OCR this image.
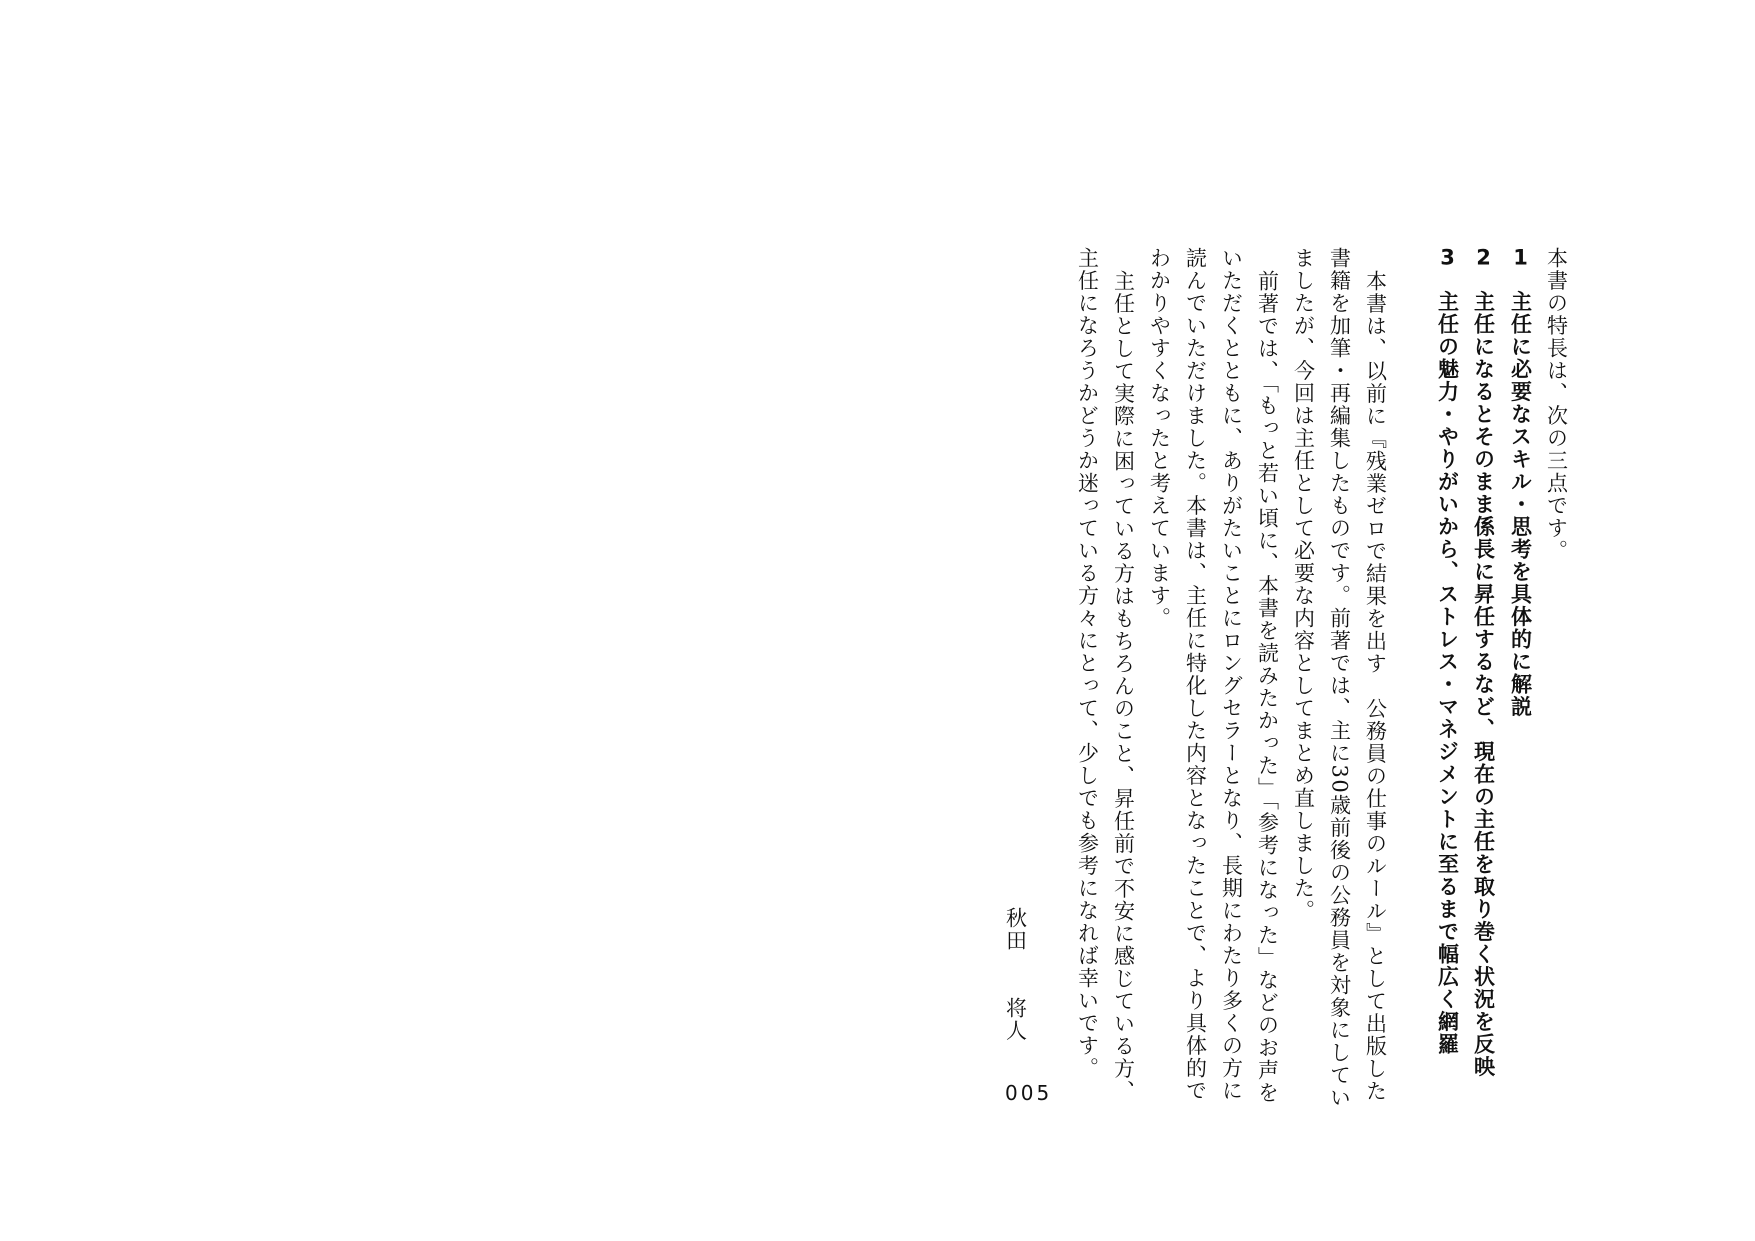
本書の特長は、次の三点です。
1　主任に必要なスキル・思考を具体的に解説
2　主任になるとそのまま係長に昇任するなど、現在の主任を取り巻く状況を反映
3　主任の魅力・やりがいから、ストレス・マネジメントに至るまで幅広く網羅
本書は、以前に『残業ゼロで結果を出す　公務員の仕事のルール』として出版した
書籍を加筆・再編集したものです。前著では、主に30歳前後の公務員を対象にしてい
ましたが、今回は主任として必要な内容としてまとめ直しました。
前著では、「もっと若い頃に、本書を読みたかった」「参考になった」などのお声を
いただくとともに、ありがたいことにロングセラーとなり、長期にわたり多くの方に
読んでいただけました。本書は、主任に特化した内容となったことで、より具体的で
わかりやすくなったと考えています。
主任として実際に困っている方はもちろんのこと、昇任前で不安に感じている方、
主任になろうかどうか迷っている方々にとって、少しでも参考になれば幸いです。
秋田　　将人
005
